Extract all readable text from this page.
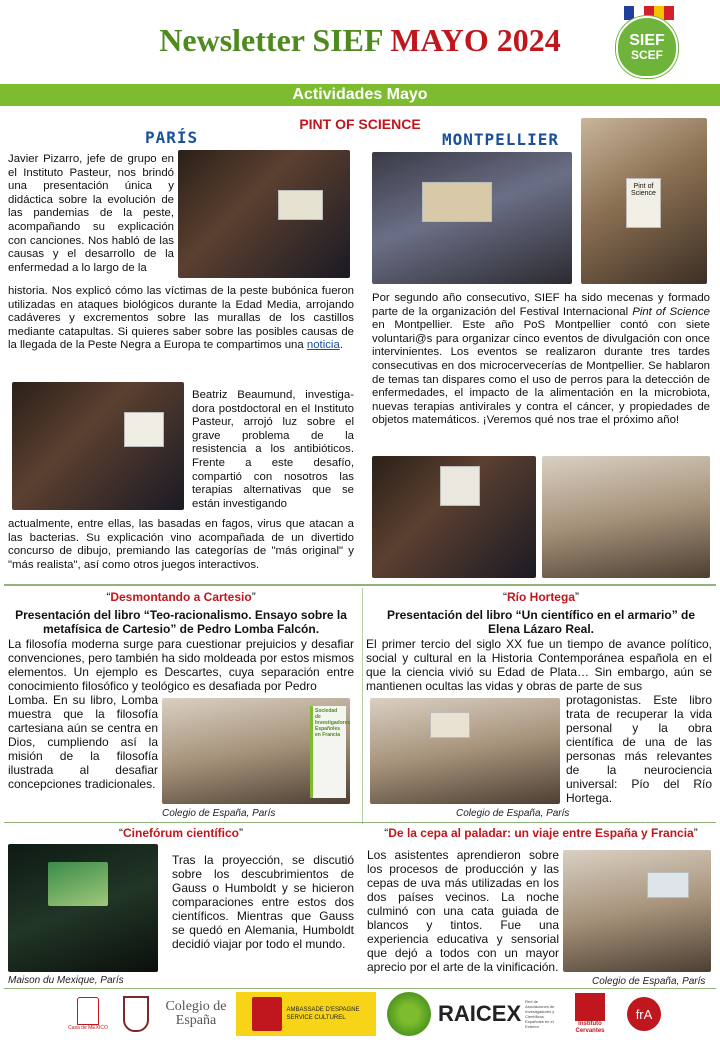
Newsletter SIEF MAYO 2024	SIEF
SCEF
Actividades Mayo
PINT OF SCIENCE
PARÍS	MONTPELLIER
Javier Pizarro, jefe de grupo en el Instituto Pasteur, nos brindó una presentación única y didáctica sobre la evolución de las pandemias de la peste, acompañando su explicación con canciones. Nos habló de las causas y el desarrollo de la enfermedad a lo largo de la
historia. Nos explicó cómo las víctimas de la peste bubónica fueron utilizadas en ataques biológicos durante la Edad Media, arrojando cadáveres y excrementos sobre las murallas de los castillos mediante catapultas. Si quieres saber sobre las posibles causas de la llegada de la Peste Negra a Europa te compartimos una noticia.
Beatriz Beaumund, investiga-dora postdoctoral en el Instituto Pasteur, arrojó luz sobre el grave problema de la resistencia a los antibióticos. Frente a este desafío, compartió con nosotros las terapias alternativas que se están investigando
actualmente, entre ellas, las basadas en fagos, virus que atacan a las bacterias. Su explicación vino acompañada de un divertido concurso de dibujo, premiando las categorías de "más original" y "más realista", así como otros juegos interactivos.
Pint of Science
Por segundo año consecutivo, SIEF ha sido mecenas y formado parte de la organización del Festival Internacional Pint of Science en Montpellier. Este año PoS Montpellier contó con siete voluntari@s para organizar cinco eventos de divulgación con once intervinientes. Los eventos se realizaron durante tres tardes consecutivas en dos microcervecerías de Montpellier. Se hablaron de temas tan dispares como el uso de perros para la detección de enfermedades, el impacto de la alimentación en la microbiota, nuevas terapias antivirales y contra el cáncer, y propiedades de objetos matemáticos. ¡Veremos qué nos trae el próximo año!
“Desmontando a Cartesio”
Presentación del libro “Teo-racionalismo. Ensayo sobre la metafísica de Cartesio” de Pedro Lomba Falcón.
La filosofía moderna surge para cuestionar prejuicios y desafiar convenciones, pero también ha sido moldeada por estos mismos elementos. Un ejemplo es Descartes, cuya separación entre conocimiento filosófico y teológico es desafiada por Pedro
Lomba. En su libro, Lomba muestra que la filosofía cartesiana aún se centra en Dios, cumpliendo así la misión de la filosofía ilustrada al desafiar concepciones tradicionales.
Sociedad de Investigadores Españoles en Francia
Colegio de España, París
“Río Hortega”
Presentación del libro “Un científico en el armario” de Elena Lázaro Real.
El primer tercio del siglo XX fue un tiempo de avance político, social y cultural en la Historia Contemporánea española en el que la ciencia vivió su Edad de Plata… Sin embargo, aún se mantienen ocultas las vidas y obras de parte de sus
protagonistas. Este libro trata de recuperar la vida personal y la obra científica de una de las personas más relevantes de la neurociencia universal: Pío del Río Hortega.
Colegio de España, París
“Cinefórum científico”
Maison du Mexique, París
Tras la proyección, se discutió sobre los descubrimientos de Gauss o Humboldt y se hicieron comparaciones entre estos dos científicos. Mientras que Gauss se quedó en Alemania, Humboldt decidió viajar por todo el mundo.
“De la cepa al paladar: un viaje entre España y Francia”
Los asistentes aprendieron sobre los procesos de producción y las cepas de uva más utilizadas en los dos países vecinos. La noche culminó con una cata guiada de blancos y tintos. Fue una experiencia educativa y sensorial que dejó a todos con un mayor aprecio por el arte de la vinificación.
Colegio de España, París
Casa de MÉXICO
Colegio de España
AMBASSADE D'ESPAGNE
SERVICE CULTUREL	RAICEX Red de Asociaciones de Investigadores y Científicos Españoles en el Exterior	Instituto Cervantes
frA
